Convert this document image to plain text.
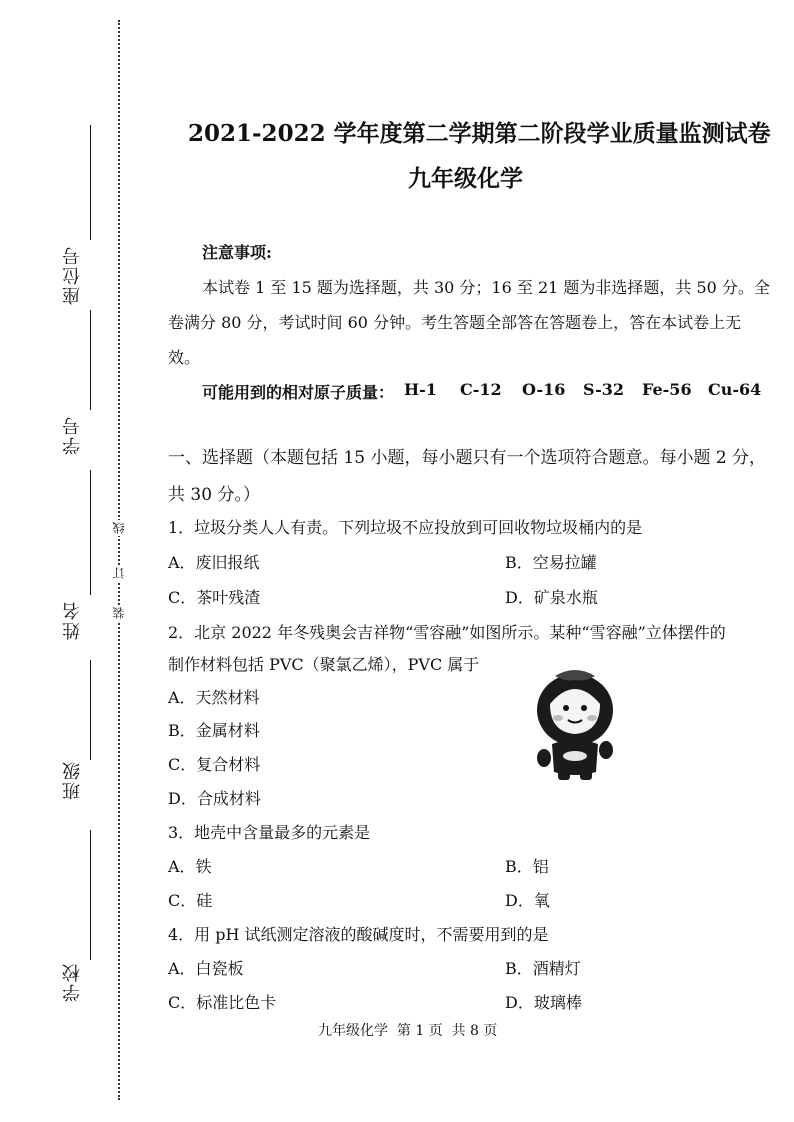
线
订
装
座位号
学号
姓名
班级
学校
2021-2022 学年度第二学期第二阶段学业质量监测试卷
九年级化学
注意事项:
本试卷 1 至 15 题为选择题，共 30 分；16 至 21 题为非选择题，共 50 分。全
卷满分 80 分，考试时间 60 分钟。考生答题全部答在答题卷上，答在本试卷上无
效。
可能用到的相对原子质量： H-1 C-12 O-16 S-32 Fe-56 Cu-64
一、选择题（本题包括 15 小题，每小题只有一个选项符合题意。每小题 2 分，
共 30 分。）
1．垃圾分类人人有责。下列垃圾不应投放到可回收物垃圾桶内的是
A．废旧报纸	B．空易拉罐
C．茶叶残渣	D．矿泉水瓶
2．北京 2022 年冬残奥会吉祥物“雪容融”如图所示。某种“雪容融”立体摆件的
制作材料包括 PVC（聚氯乙烯），PVC 属于
A．天然材料
B．金属材料
C．复合材料
D．合成材料
3．地壳中含量最多的元素是
A．铁	B．铝
C．硅	D．氧
4．用 pH 试纸测定溶液的酸碱度时，不需要用到的是
A．白瓷板	B．酒精灯
C．标准比色卡	D．玻璃棒
九年级化学  第 1 页  共 8 页
